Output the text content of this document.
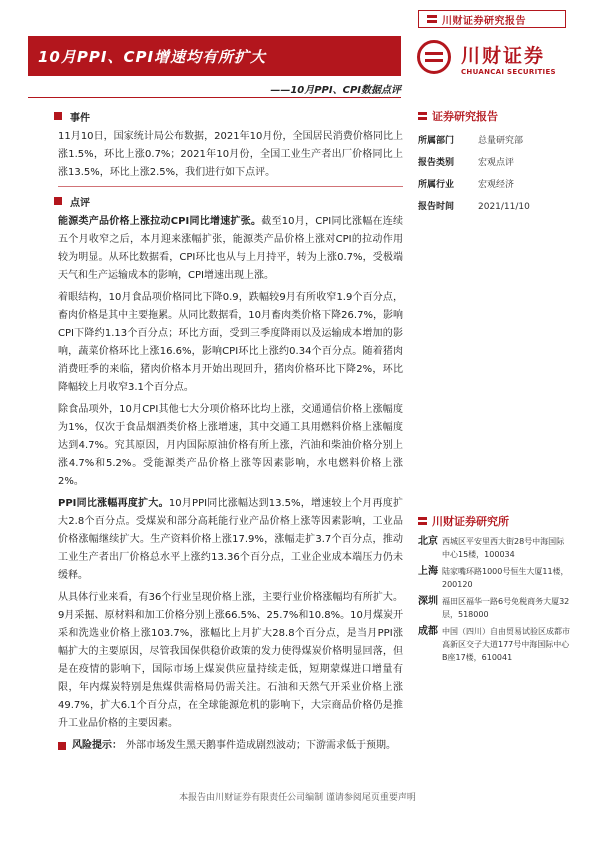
川财证券研究报告
10月PPI、CPI增速均有所扩大
——10月PPI、CPI数据点评
川财证券
CHUANCAI SECURITIES
事件

11月10日，国家统计局公布数据，2021年10月份，全国居民消费价格同比上涨1.5%，环比上涨0.7%；2021年10月份，全国工业生产者出厂价格同比上涨13.5%，环比上涨2.5%，我们进行如下点评。

点评

能源类产品价格上涨拉动CPI同比增速扩张。截至10月，CPI同比涨幅在连续五个月收窄之后，本月迎来涨幅扩张，能源类产品价格上涨对CPI的拉动作用较为明显。从环比数据看，CPI环比也从与上月持平，转为上涨0.7%，受极端天气和生产运输成本的影响，CPI增速出现上涨。

着眼结构，10月食品项价格同比下降0.9，跌幅较9月有所收窄1.9个百分点，畜肉价格是其中主要拖累。从同比数据看，10月畜肉类价格下降26.7%，影响CPI下降约1.13个百分点；环比方面，受到三季度降雨以及运输成本增加的影响，蔬菜价格环比上涨16.6%，影响CPI环比上涨约0.34个百分点。随着猪肉消费旺季的来临，猪肉价格本月开始出现回升，猪肉价格环比下降2%，环比降幅较上月收窄3.1个百分点。

除食品项外，10月CPI其他七大分项价格环比均上涨，交通通信价格上涨幅度为1%，仅次于食品烟酒类价格上涨增速，其中交通工具用燃料价格上涨幅度达到4.7%。究其原因，月内国际原油价格有所上涨，汽油和柴油价格分别上涨4.7%和5.2%。受能源类产品价格上涨等因素影响，水电燃料价格上涨2%。

PPI同比涨幅再度扩大。10月PPI同比涨幅达到13.5%，增速较上个月再度扩大2.8个百分点。受煤炭和部分高耗能行业产品价格上涨等因素影响，工业品价格涨幅继续扩大。生产资料价格上涨17.9%，涨幅走扩3.7个百分点，推动工业生产者出厂价格总水平上涨约13.36个百分点，工业企业成本端压力仍未缓释。

从具体行业来看，有36个行业呈现价格上涨，主要行业价格涨幅均有所扩大。9月采掘、原材料和加工价格分别上涨66.5%、25.7%和10.8%。10月煤炭开采和洗选业价格上涨103.7%，涨幅比上月扩大28.8个百分点，是当月PPI涨幅扩大的主要原因，尽管我国保供稳价政策的发力使得煤炭价格明显回落，但是在疫情的影响下，国际市场上煤炭供应量持续走低，短期蒙煤进口增量有限，年内煤炭特别是焦煤供需格局仍需关注。石油和天然气开采业价格上涨49.7%，扩大6.1个百分点，在全球能源危机的影响下，大宗商品价格仍是推升工业品价格的主要因素。

风险提示： 外部市场发生黑天鹅事件造成剧烈波动；下游需求低于预期。
证券研究报告
所属部门	总量研究部
报告类别	宏观点评
所属行业	宏观经济
报告时间	2021/11/10
川财证券研究所
北京 西城区平安里西大街28号中海国际中心15楼，100034
上海 陆家嘴环路1000号恒生大厦11楼，200120
深圳 福田区福华一路6号免税商务大厦32层，518000
成都 中国（四川）自由贸易试验区成都市高新区交子大道177号中海国际中心B座17楼，610041
本报告由川财证券有限责任公司编制 谨请参阅尾页重要声明
